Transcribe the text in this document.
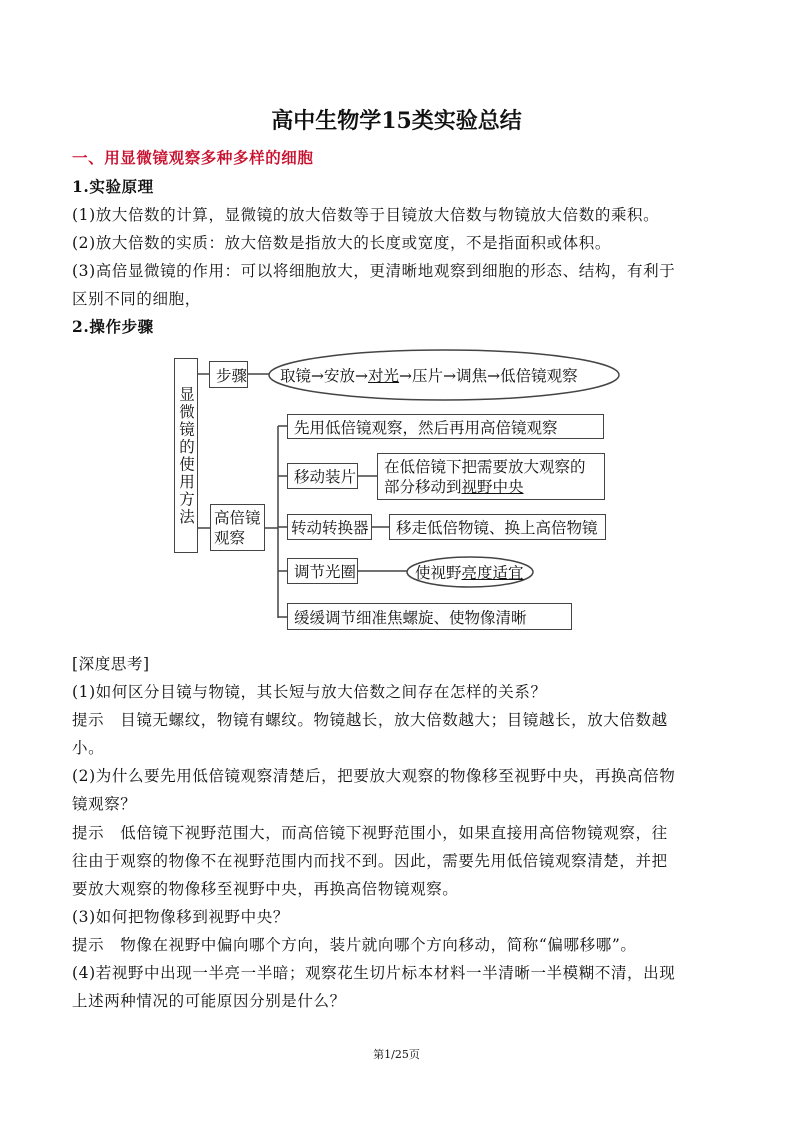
高中生物学15类实验总结
一、用显微镜观察多种多样的细胞
1.实验原理
(1)放大倍数的计算，显微镜的放大倍数等于目镜放大倍数与物镜放大倍数的乘积。
(2)放大倍数的实质：放大倍数是指放大的长度或宽度，不是指面积或体积。
(3)高倍显微镜的作用：可以将细胞放大，更清晰地观察到细胞的形态、结构，有利于
区别不同的细胞，
2.操作步骤
显微镜的使用方法
步骤 取镜→安放→对光→压片→调焦→低倍镜观察
先用低倍镜观察，然后再用高倍镜观察
移动装片
在低倍镜下把需要放大观察的
部分移动到视野中央
高倍镜观察
转动转换器	移走低倍物镜、换上高倍物镜
调节光圈	使视野亮度适宜
缓缓调节细准焦螺旋、使物像清晰
[深度思考]
(1)如何区分目镜与物镜，其长短与放大倍数之间存在怎样的关系？
提示　目镜无螺纹，物镜有螺纹。物镜越长，放大倍数越大；目镜越长，放大倍数越
小。
(2)为什么要先用低倍镜观察清楚后，把要放大观察的物像移至视野中央，再换高倍物
镜观察？
提示　低倍镜下视野范围大，而高倍镜下视野范围小，如果直接用高倍物镜观察，往
往由于观察的物像不在视野范围内而找不到。因此，需要先用低倍镜观察清楚，并把
要放大观察的物像移至视野中央，再换高倍物镜观察。
(3)如何把物像移到视野中央？
提示　物像在视野中偏向哪个方向，装片就向哪个方向移动，简称“偏哪移哪”。
(4)若视野中出现一半亮一半暗；观察花生切片标本材料一半清晰一半模糊不清，出现
上述两种情况的可能原因分别是什么？
第1/25页
